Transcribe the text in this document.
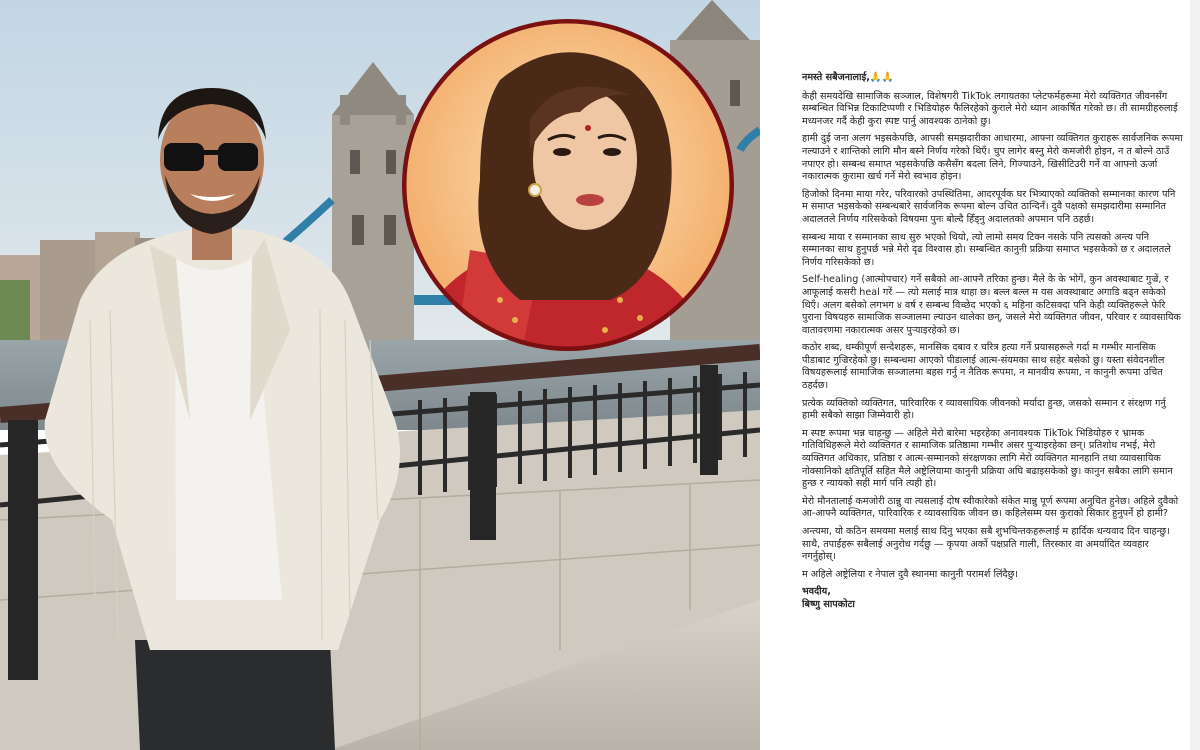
नमस्ते सबैजनालाई,🙏🙏

केही समयदेखि सामाजिक सञ्जाल, विशेषगरी TikTok लगायतका प्लेटफर्महरूमा मेरो व्यक्तिगत जीवनसँग सम्बन्धित विभिन्न टिकाटिप्पणी र भिडियोहरु फैलिरहेको कुराले मेरो ध्यान आकर्षित गरेको छ। ती सामग्रीहरुलाई मध्यनजर गर्दै केही कुरा स्पष्ट पार्नु आवश्यक ठानेको छु।

हामी दुई जना अलग भइसकेपछि, आपसी समझदारीका आधारमा, आफ्ना व्यक्तिगत कुराहरू सार्वजनिक रूपमा नल्याउने र शान्तिको लागि मौन बस्ने निर्णय गरेको थिएँ। चुप लागेर बस्नु मेरो कमजोरी होइन, न त बोल्ने ठाउँ नपाएर हो। सम्बन्ध समाप्त भइसकेपछि कसैसँग बदला लिने, गिज्याउने, खिसीटिउरी गर्ने वा आफ्नो ऊर्जा नकारात्मक कुरामा खर्च गर्ने मेरो स्वभाव होइन।

हिजोको दिनमा माया गरेर, परिवारको उपस्थितिमा, आदरपूर्वक घर भित्र्याएको व्यक्तिको सम्मानका कारण पनि म समाप्त भइसकेको सम्बन्धबारे सार्वजनिक रूपमा बोल्न उचित ठान्दिनँ। दुवै पक्षको समझदारीमा सम्मानित अदालतले निर्णय गरिसकेको विषयमा पुनः बोल्दै हिँड्नु अदालतको अपमान पनि ठहर्छ।

सम्बन्ध माया र सम्मानका साथ सुरु भएको थियो, त्यो लामो समय टिक्न नसके पनि त्यसको अन्त्य पनि सम्मानका साथ हुनुपर्छ भन्ने मेरो दृढ विश्वास हो। सम्बन्धित कानुनी प्रक्रिया समाप्त भइसकेको छ र अदालतले निर्णय गरिसकेको छ।

Self-healing (आत्मोपचार) गर्ने सबैको आ-आफ्नै तरिका हुन्छ। मैले के के भोगें, कुन अवस्थाबाट गुज्रें, र आफूलाई कसरी heal गरें — त्यो मलाई मात्र थाहा छ। बल्ल बल्ल म यस अवस्थाबाट अगाडि बढ्न सकेको थिएँ। अलग बसेको लगभग ४ वर्ष र सम्बन्ध विच्छेद भएको ६ महिना कटिसक्दा पनि केही व्यक्तिहरूले फेरि पुराना विषयहरु सामाजिक सञ्जालमा ल्याउन थालेका छन्, जसले मेरो व्यक्तिगत जीवन, परिवार र व्यावसायिक वातावरणमा नकारात्मक असर पुऱ्याइरहेको छ।

कठोर शब्द, धम्कीपूर्ण सन्देशहरू, मानसिक दबाव र चरित्र हत्या गर्ने प्रयासहरूले गर्दा म गम्भीर मानसिक पीडाबाट गुज्रिरहेको छु। सम्बन्धमा आएको पीडालाई आत्म-संयमका साथ सहेर बसेको छु। यस्ता संवेदनशील विषयहरूलाई सामाजिक सञ्जालमा बहस गर्नु न नैतिक रूपमा, न मानवीय रूपमा, न कानुनी रूपमा उचित ठहर्दछ।

प्रत्येक व्यक्तिको व्यक्तिगत, पारिवारिक र व्यावसायिक जीवनको मर्यादा हुन्छ, जसको सम्मान र संरक्षण गर्नु हामी सबैको साझा जिम्मेवारी हो।

म स्पष्ट रूपमा भन्न चाहन्छु — अहिले मेरो बारेमा भइरहेका अनावश्यक TikTok भिडियोहरु र भ्रामक गतिविधिहरूले मेरो व्यक्तिगत र सामाजिक प्रतिष्ठामा गम्भीर असर पुऱ्याइरहेका छन्। प्रतिशोध नभई, मेरो व्यक्तिगत अधिकार, प्रतिष्ठा र आत्म-सम्मानको संरक्षणका लागि मेरो व्यक्तिगत मानहानि तथा व्यावसायिक नोक्सानिको क्षतिपूर्ति सहित मैले अष्ट्रेलियामा कानुनी प्रक्रिया अघि बढाइसकेको छु। कानुन सबैका लागि समान हुन्छ र न्यायको सही मार्ग पनि त्यही हो।

मेरो मौनतालाई कमजोरी ठान्नु वा त्यसलाई दोष स्वीकारेको संकेत मान्नु पूर्ण रूपमा अनुचित हुनेछ। अहिले दुवैको आ-आफ्नै व्यक्तिगत, पारिवारिक र व्यावसायिक जीवन छ। कहिलेसम्म यस कुराको सिकार हुनुपर्ने हो हामी?

अन्त्यमा, यो कठिन समयमा मलाई साथ दिनु भएका सबै शुभचिन्तकहरूलाई म हार्दिक धन्यवाद दिन चाहन्छु। साथै, तपाईंहरू सबैलाई अनुरोध गर्दछु — कृपया अर्को पक्षप्रति गाली, तिरस्कार वा अमर्यादित व्यवहार नगर्नुहोस्।

म अहिले अष्ट्रेलिया र नेपाल दुवै स्थानमा कानुनी परामर्श लिंदैछु।

भवदीय,
बिष्णु सापकोटा
